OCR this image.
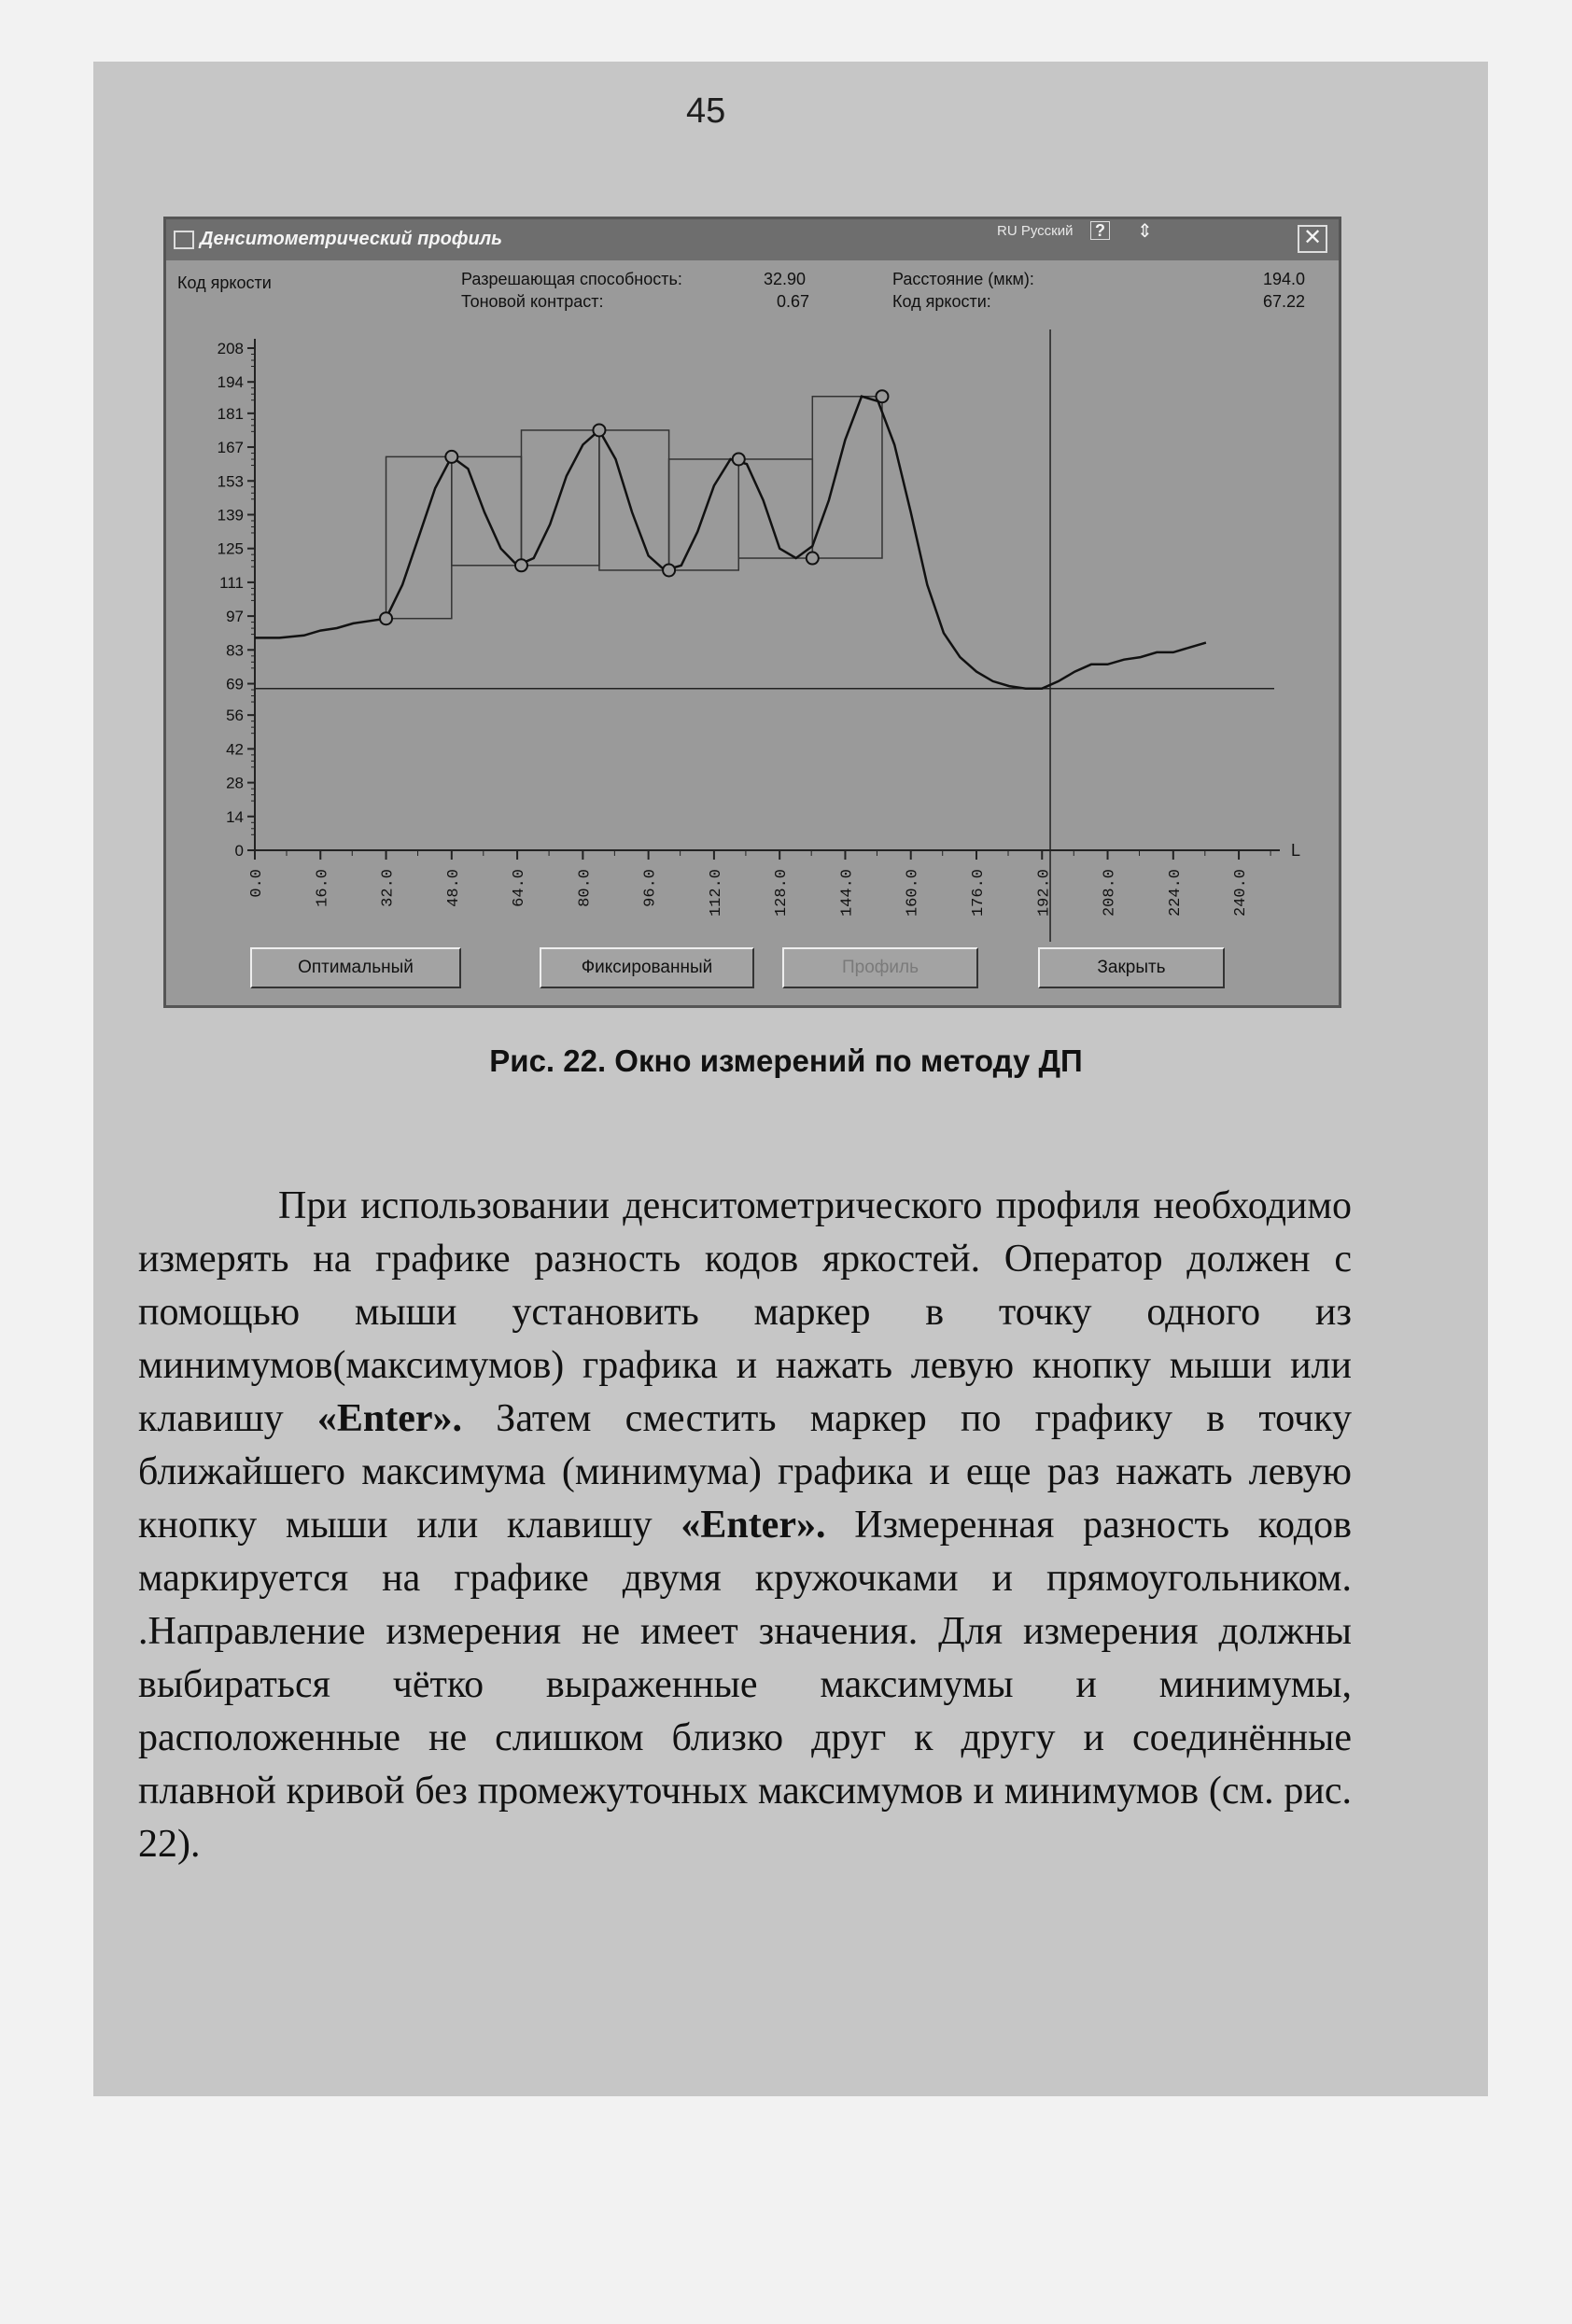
45
Денситометрический профиль	RU Русский ? ⇕	✕
Код яркости	Разрешающая способность:	32.90
Тоновой контраст:	0.67
Расстояние (мкм):	194.0
Код яркости:	67.22
L
208
194
181
167
153
139
125
111
97
83
69
56
42
28
14
0
0.0	16.0	32.0	48.0	64.0	80.0	96.0	112.0	128.0	144.0	160.0	176.0	192.0	208.0	224.0	240.0
Оптимальный	Фиксированный	Профиль	Закрыть
Рис. 22. Окно измерений по методу ДП

При использовании денситометрического профиля необходимо измерять на графике разность кодов яркостей. Оператор должен с помощью мыши установить маркер в точку одного из минимумов(максимумов) графика и нажать левую кнопку мыши или клавишу «Enter». Затем сместить маркер по графику в точку ближайшего максимума (минимума) графика и еще раз нажать левую кнопку мыши или клавишу «Enter». Измеренная разность кодов маркируется на графике двумя кружочками и прямоугольником. .Направление измерения не имеет значения. Для измерения должны выбираться чётко выраженные максимумы и минимумы, расположенные не слишком близко друг к другу и соединённые плавной кривой без промежуточных максимумов и минимумов (см. рис. 22).
